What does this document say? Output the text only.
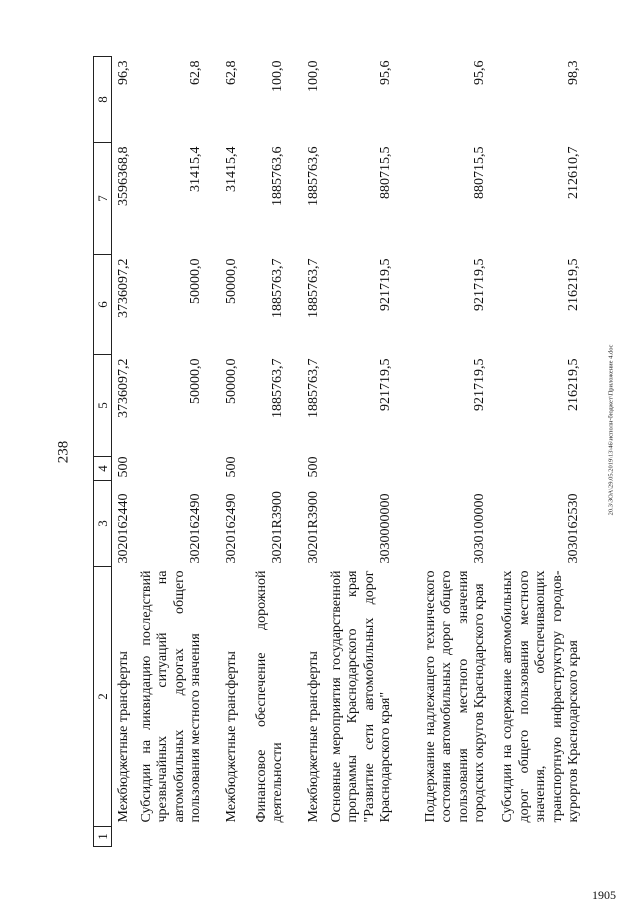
238	20.3\ЗОА\29.05.2019\13\46\исполн-бюджет\Приложение 4.doc
1905
1	2	3	4	5	6	7	8
	Межбюджетные трансферты	3020162440	500	3736097,2	3736097,2	3596368,8	96,3
	Субсидии на ликвидацию последствий чрезвычайных ситуаций на автомобильных дорогах общего пользования местного значения	3020162490		50000,0	50000,0	31415,4	62,8
	Межбюджетные трансферты	3020162490	500	50000,0	50000,0	31415,4	62,8
	Финансовое обеспечение дорожной деятельности	30201R3900		1885763,7	1885763,7	1885763,6	100,0
	Межбюджетные трансферты	30201R3900	500	1885763,7	1885763,7	1885763,6	100,0
	Основные мероприятия государственной программы Краснодарского края "Развитие сети автомобильных дорог Краснодарского края"	3030000000		921719,5	921719,5	880715,5	95,6
	Поддержание надлежащего технического состояния автомобильных дорог общего пользования местного значения городских округов Краснодарского края	3030100000		921719,5	921719,5	880715,5	95,6
	Субсидии на содержание автомобильных дорог общего пользования местного значения, обеспечивающих транспортную инфраструктуру городов-курортов Краснодарского края	3030162530		216219,5	216219,5	212610,7	98,3
